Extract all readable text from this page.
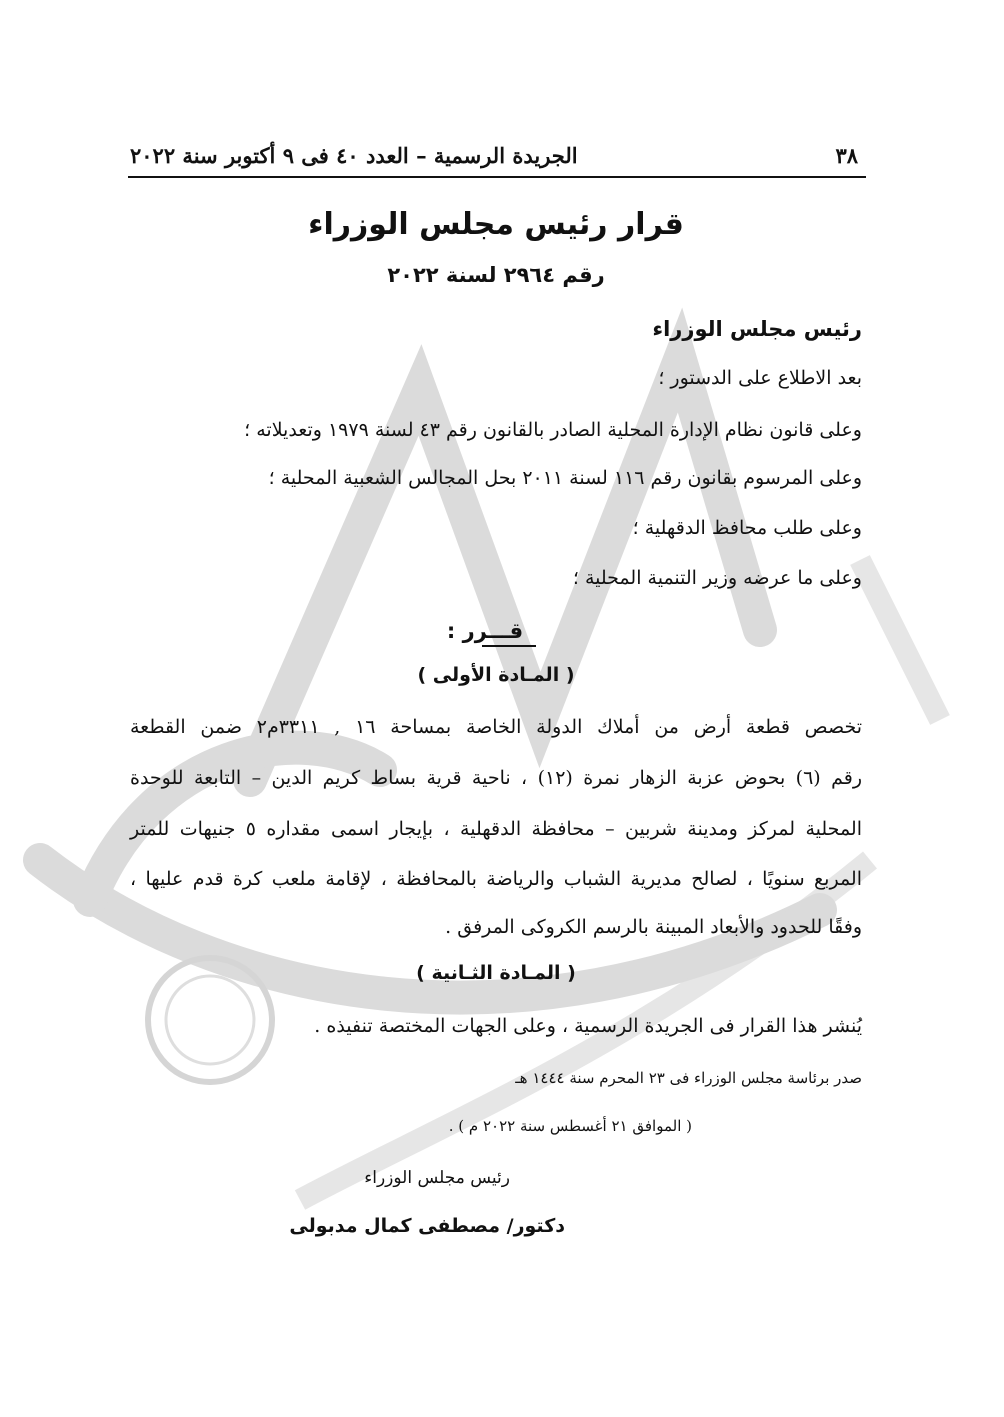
٣٨
الجريدة الرسمية – العدد ٤٠ فى ٩ أكتوبر سنة ٢٠٢٢
قرار رئيس مجلس الوزراء
رقم ٢٩٦٤ لسنة ٢٠٢٢
رئيس مجلس الوزراء
بعد الاطلاع على الدستور ؛
وعلى قانون نظام الإدارة المحلية الصادر بالقانون رقم ٤٣ لسنة ١٩٧٩ وتعديلاته ؛
وعلى المرسوم بقانون رقم ١١٦ لسنة ٢٠١١ بحل المجالس الشعبية المحلية ؛
وعلى طلب محافظ الدقهلية ؛
وعلى ما عرضه وزير التنمية المحلية ؛
قـــرر :
( المـادة الأولى )
تخصص قطعة أرض من أملاك الدولة الخاصة بمساحة ١٦ , ٣٣١١م٢ ضمن القطعة
رقم (٦) بحوض عزبة الزهار نمرة (١٢) ، ناحية قرية بساط كريم الدين – التابعة للوحدة
المحلية لمركز ومدينة شربين – محافظة الدقهلية ، بإيجار اسمى مقداره ٥ جنيهات للمتر
المربع سنويًا ، لصالح مديرية الشباب والرياضة بالمحافظة ، لإقامة ملعب كرة قدم عليها ،
وفقًا للحدود والأبعاد المبينة بالرسم الكروكى المرفق .
( المـادة الثـانية )
يُنشر هذا القرار فى الجريدة الرسمية ، وعلى الجهات المختصة تنفيذه .
صدر برئاسة مجلس الوزراء فى ٢٣ المحرم سنة ١٤٤٤ هـ
( الموافق ٢١ أغسطس سنة ٢٠٢٢ م ) .
رئيس مجلس الوزراء
دكتور/ مصطفى كمال مدبولى
